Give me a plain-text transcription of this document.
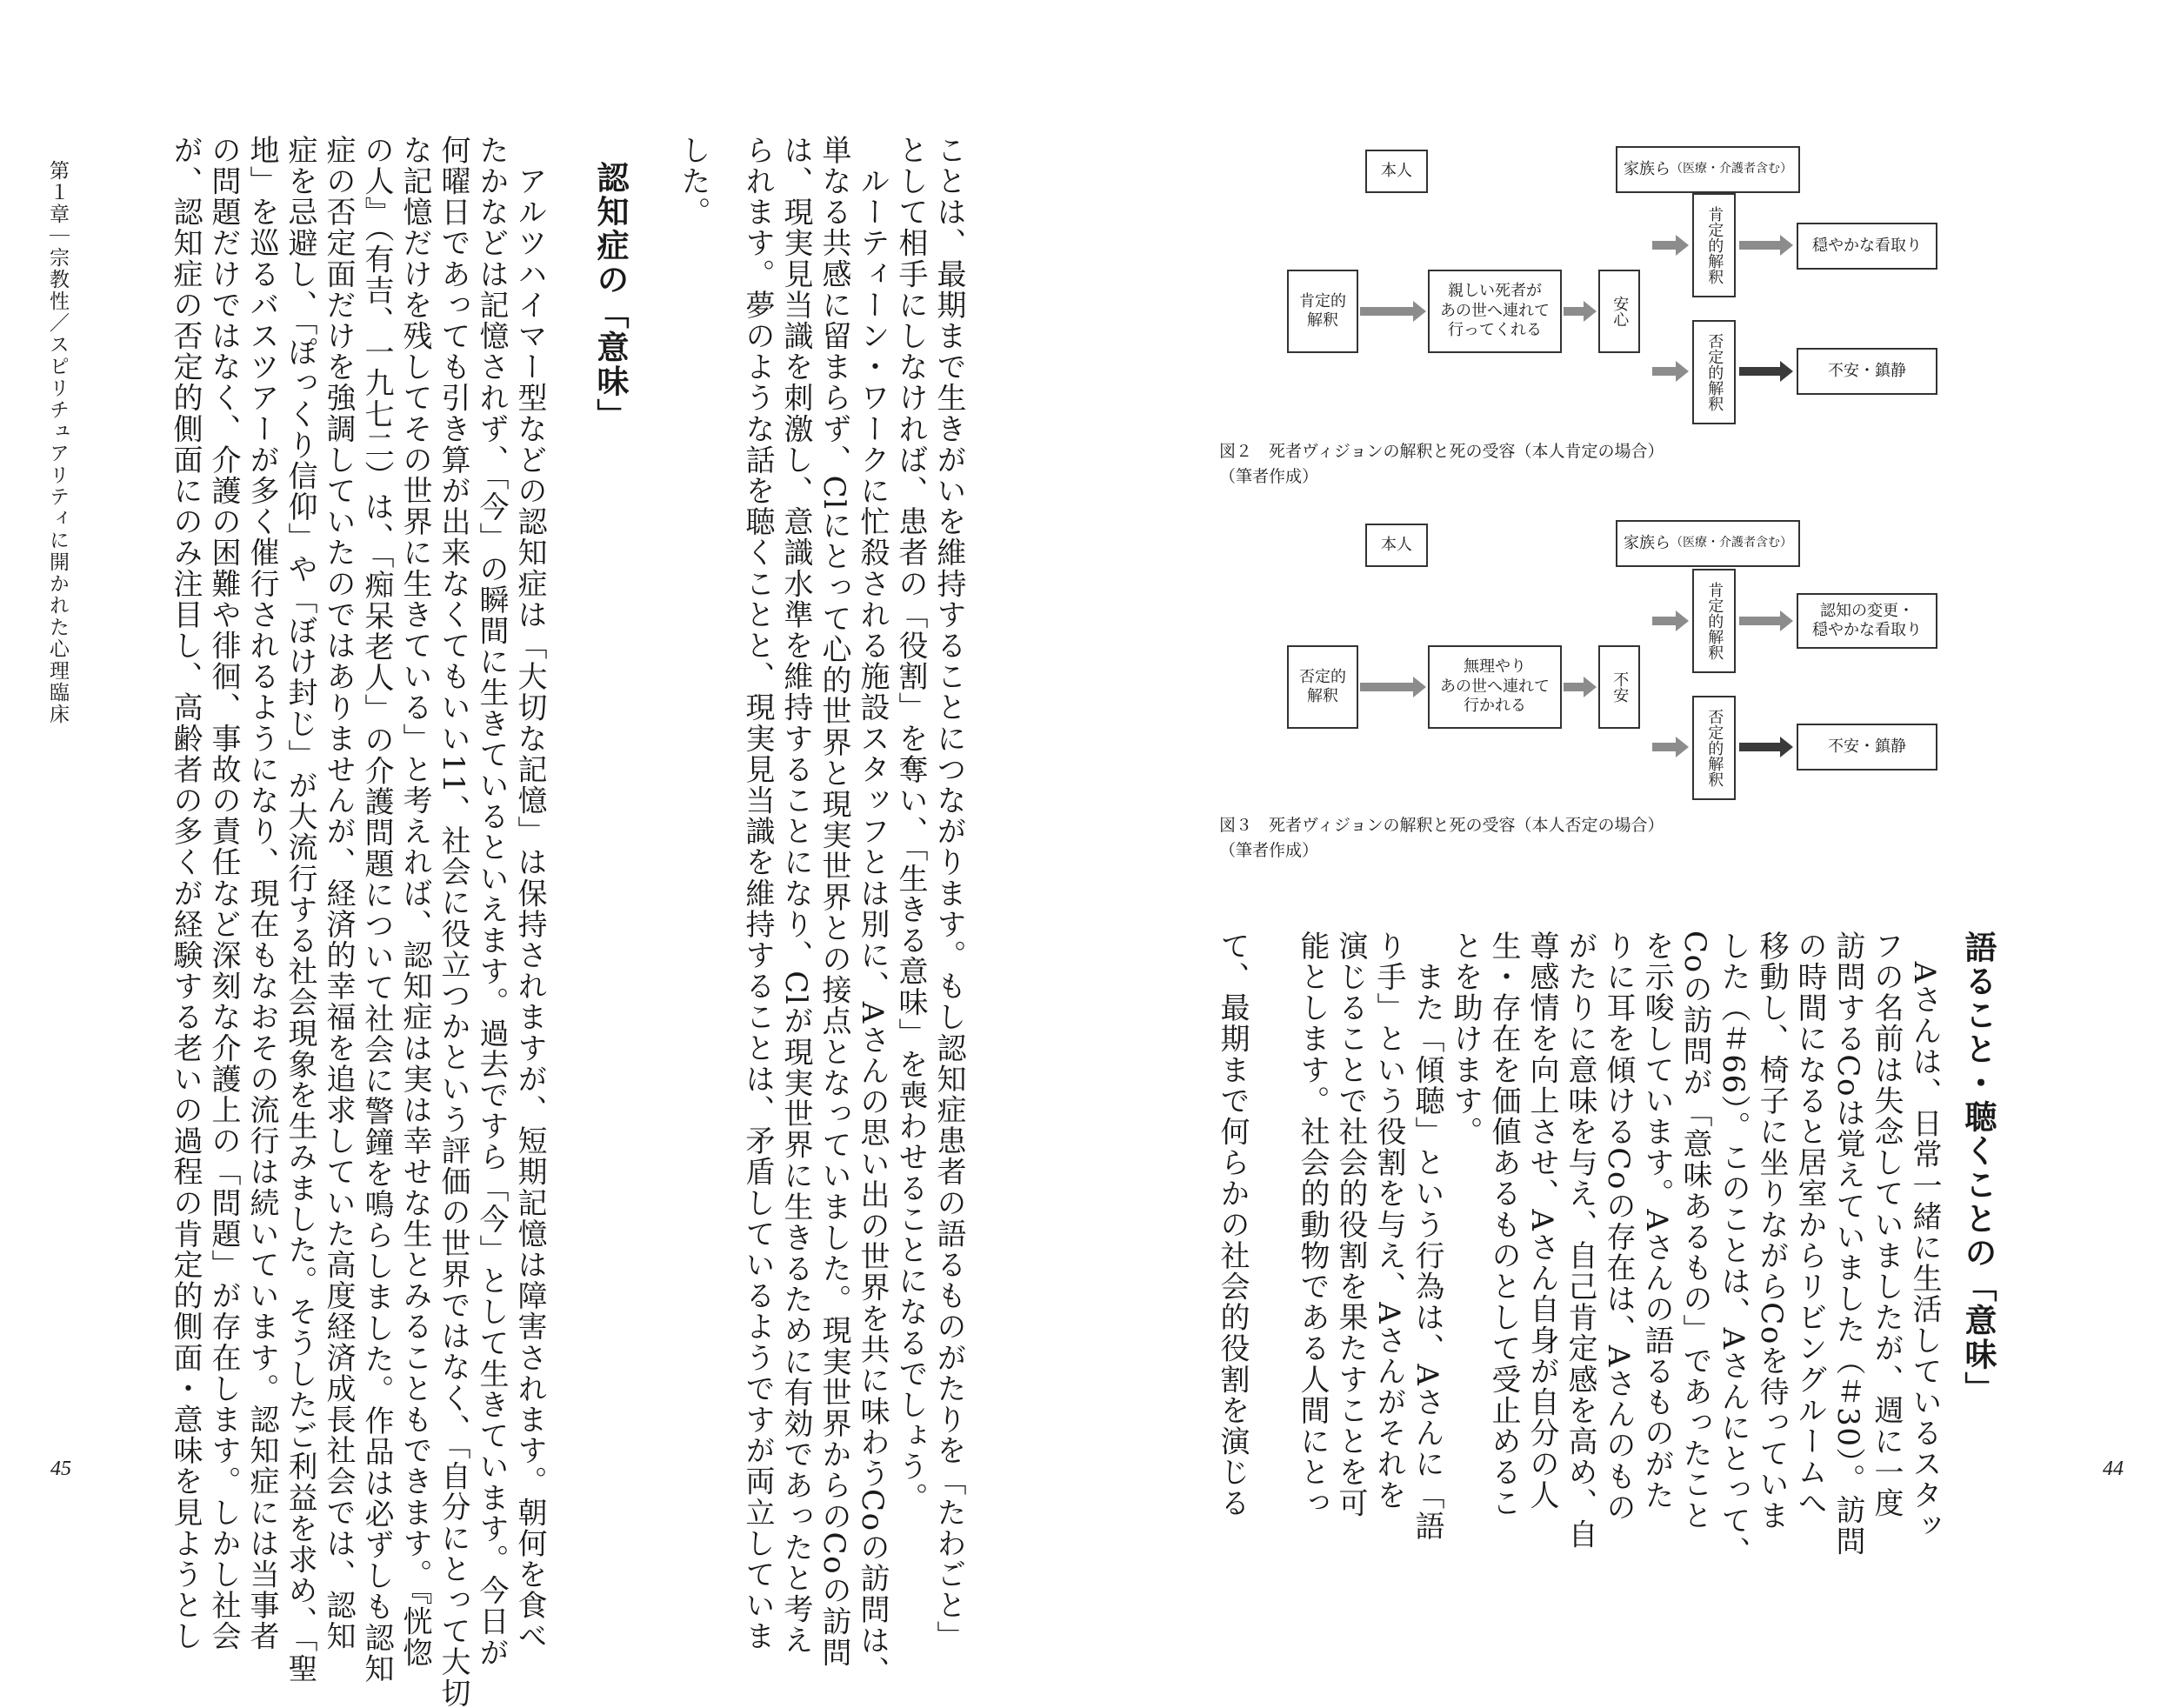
第１章｜宗教性／スピリチュアリティに開かれた心理臨床	ことは、最期まで生きがいを維持することにつながります。もし認知症患者の語るものがたりを「たわごと」
として相手にしなければ、患者の「役割」を奪い、「生きる意味」を喪わせることになるでしょう。
　ルーティーン・ワークに忙殺される施設スタッフとは別に、Aさんの思い出の世界を共に味わうCoの訪問は、
単なる共感に留まらず、Clにとって心的世界と現実世界との接点となっていました。現実世界からのCoの訪問
は、現実見当識を刺激し、意識水準を維持することになり、Clが現実世界に生きるために有効であったと考え
られます。夢のような話を聴くことと、現実見当識を維持することは、矛盾しているようですが両立していま
した。
認知症の「意味」
　アルツハイマー型などの認知症は「大切な記憶」は保持されますが、短期記憶は障害されます。朝何を食べ
たかなどは記憶されず、「今」の瞬間に生きているといえます。過去ですら「今」として生きています。今日が
何曜日であっても引き算が出来なくてもいい11、社会に役立つかという評価の世界ではなく、「自分にとって大切
な記憶だけを残してその世界に生きている」と考えれば、認知症は実は幸せな生とみることもできます。『恍惚
の人』（有吉、一九七二）は、「痴呆老人」の介護問題について社会に警鐘を鳴らしました。作品は必ずしも認知
症の否定面だけを強調していたのではありませんが、経済的幸福を追求していた高度経済成長社会では、認知
症を忌避し、「ぽっくり信仰」や「ぼけ封じ」が大流行する社会現象を生みました。そうしたご利益を求め、「聖
地」を巡るバスツアーが多く催行されるようになり、現在もなおその流行は続いています。認知症には当事者
の問題だけではなく、介護の困難や徘徊、事故の責任など深刻な介護上の「問題」が存在します。しかし社会
が、認知症の否定的側面にのみ注目し、高齢者の多くが経験する老いの過程の肯定的側面・意味を見ようとし
45
本人	家族ら （医療・介護者含む）
肯定的
解釈
親しい死者が
あの世へ連れて
行ってくれる
安心
肯定的解釈
否定的解釈
穏やかな看取り
不安・鎮静
図２　死者ヴィジョンの解釈と死の受容（本人肯定の場合）
（筆者作成）
本人	家族ら （医療・介護者含む）
否定的
解釈
無理やり
あの世へ連れて
行かれる
不安
肯定的解釈
否定的解釈
認知の変更・
穏やかな看取り
不安・鎮静
図３　死者ヴィジョンの解釈と死の受容（本人否定の場合）
（筆者作成）
語ること・聴くことの「意味」
　Aさんは、日常一緒に生活しているスタッ
フの名前は失念していましたが、週に一度
訪問するCoは覚えていました（＃30）。訪問
の時間になると居室からリビングルームへ
移動し、椅子に坐りながらCoを待っていま
した（＃66）。このことは、Aさんにとって、
Coの訪問が「意味あるもの」であったこと
を示唆しています。Aさんの語るものがた
りに耳を傾けるCoの存在は、Aさんのもの
がたりに意味を与え、自己肯定感を高め、自
尊感情を向上させ、Aさん自身が自分の人
生・存在を価値あるものとして受止めるこ
とを助けます。
　また「傾聴」という行為は、Aさんに「語
り手」という役割を与え、Aさんがそれを
演じることで社会的役割を果たすことを可
能とします。社会的動物である人間にとっ
て、最期まで何らかの社会的役割を演じる	44
